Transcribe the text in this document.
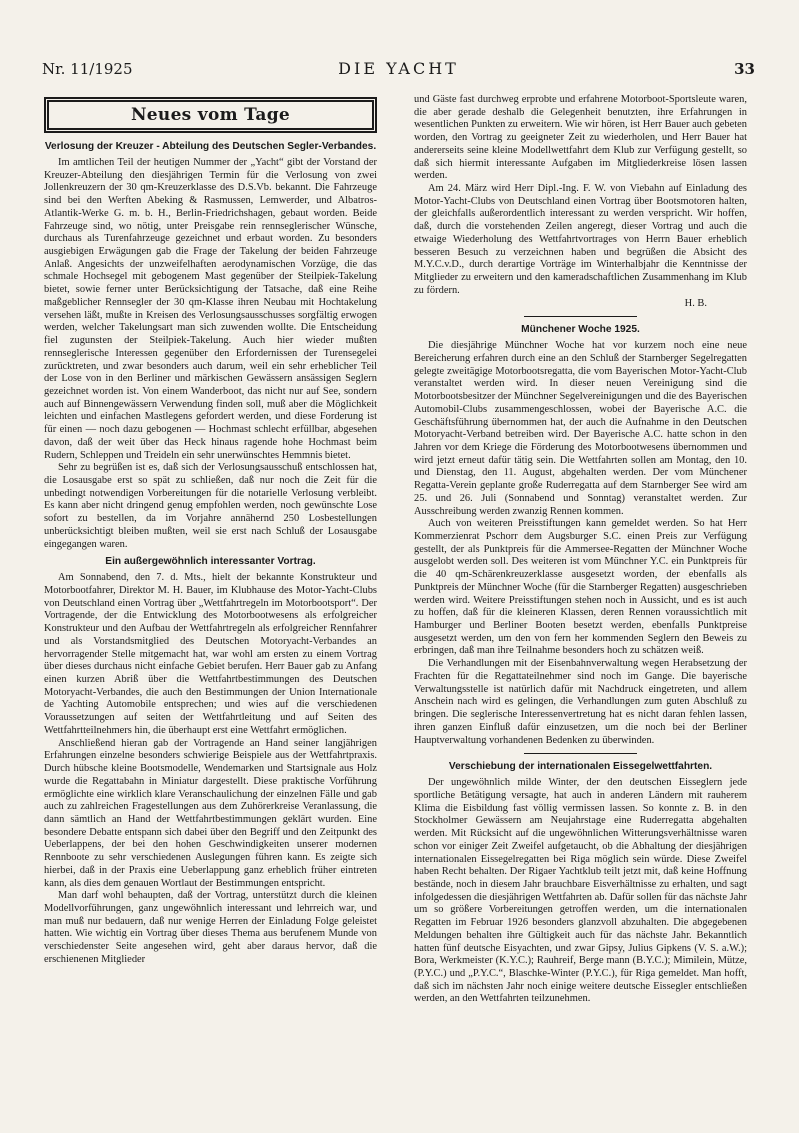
Nr. 11/1925	DIE YACHT	33
Neues vom Tage
Verlosung der Kreuzer - Abteilung des Deutschen Segler-Verbandes.

Im amtlichen Teil der heutigen Nummer der „Yacht“ gibt der Vorstand der Kreuzer-Abteilung den diesjährigen Termin für die Verlosung von zwei Jollenkreuzern der 30 qm-Kreuzerklasse des D.S.Vb. bekannt. Die Fahrzeuge sind bei den Werften Abeking & Rasmussen, Lemwerder, und Albatros-Atlantik-Werke G. m. b. H., Berlin-Friedrichshagen, gebaut worden. Beide Fahrzeuge sind, wo nötig, unter Preisgabe rein rennseglerischer Wünsche, durchaus als Turenfahrzeuge gezeichnet und erbaut worden. Zu besonders ausgiebigen Erwägungen gab die Frage der Takelung der beiden Fahrzeuge Anlaß. Angesichts der unzweifelhaften aerodynamischen Vorzüge, die das schmale Hochsegel mit gebogenem Mast gegenüber der Steilpiek-Takelung bietet, sowie ferner unter Berücksichtigung der Tatsache, daß eine Reihe maßgeblicher Rennsegler der 30 qm-Klasse ihren Neubau mit Hochtakelung versehen läßt, mußte in Kreisen des Verlosungsausschusses sorgfältig erwogen werden, welcher Takelungsart man sich zuwenden wollte. Die Entscheidung fiel zugunsten der Steilpiek-Takelung. Auch hier wieder mußten rennseglerische Interessen gegenüber den Erfordernissen der Turensegelei zurücktreten, und zwar besonders auch darum, weil ein sehr erheblicher Teil der Lose von in den Berliner und märkischen Gewässern ansässigen Seglern gezeichnet worden ist. Von einem Wanderboot, das nicht nur auf See, sondern auch auf Binnengewässern Verwendung finden soll, muß aber die Möglichkeit leichten und einfachen Mastlegens gefordert werden, und diese Forderung ist für einen — noch dazu gebogenen — Hochmast schlecht erfüllbar, abgesehen davon, daß der weit über das Heck hinaus ragende hohe Hochmast beim Rudern, Schleppen und Treideln ein sehr unerwünschtes Hemmnis bietet.

Sehr zu begrüßen ist es, daß sich der Verlosungsausschuß entschlossen hat, die Losausgabe erst so spät zu schließen, daß nur noch die Zeit für die unbedingt notwendigen Vorbereitungen für die notarielle Verlosung verbleibt. Es kann aber nicht dringend genug empfohlen werden, noch gewünschte Lose sofort zu bestellen, da im Vorjahre annähernd 250 Losbestellungen unberücksichtigt bleiben mußten, weil sie erst nach Schluß der Losausgabe eingegangen waren.

Ein außergewöhnlich interessanter Vortrag.

Am Sonnabend, den 7. d. Mts., hielt der bekannte Konstrukteur und Motorbootfahrer, Direktor M. H. Bauer, im Klubhause des Motor-Yacht-Clubs von Deutschland einen Vortrag über „Wettfahrtregeln im Motorbootsport“. Der Vortragende, der die Entwicklung des Motorbootwesens als erfolgreicher Konstrukteur und den Aufbau der Wettfahrtregeln als erfolgreicher Rennfahrer und als Vorstandsmitglied des Deutschen Motoryacht-Verbandes an hervorragender Stelle mitgemacht hat, war wohl am ersten zu einem Vortrag über dieses durchaus nicht einfache Gebiet berufen. Herr Bauer gab zu Anfang einen kurzen Abriß über die Wettfahrtbestimmungen des Deutschen Motoryacht-Verbandes, die auch den Bestimmungen der Union Internationale de Yachting Automobile entsprechen; und wies auf die verschiedenen Voraussetzungen auf seiten der Wettfahrtleitung und auf Seiten des Wettfahrtteilnehmers hin, die überhaupt erst eine Wettfahrt ermöglichen.

Anschließend hieran gab der Vortragende an Hand seiner langjährigen Erfahrungen einzelne besonders schwierige Beispiele aus der Wettfahrtpraxis. Durch hübsche kleine Bootsmodelle, Wendemarken und Startsignale aus Holz wurde die Regattabahn in Miniatur dargestellt. Diese praktische Vorführung ermöglichte eine wirklich klare Veranschaulichung der einzelnen Fälle und gab auch zu zahlreichen Fragestellungen aus dem Zuhörerkreise Veranlassung, die dann sämtlich an Hand der Wettfahrtbestimmungen geklärt wurden. Eine besondere Debatte entspann sich dabei über den Begriff und den Zeitpunkt des Ueberlappens, der bei den hohen Geschwindigkeiten unserer modernen Rennboote zu sehr verschiedenen Auslegungen führen kann. Es zeigte sich hierbei, daß in der Praxis eine Ueberlappung ganz erheblich früher eintreten kann, als dies dem genauen Wortlaut der Bestimmungen entspricht.

Man darf wohl behaupten, daß der Vortrag, unterstützt durch die kleinen Modellvorführungen, ganz ungewöhnlich interessant und lehrreich war, und man muß nur bedauern, daß nur wenige Herren der Einladung Folge geleistet hatten. Wie wichtig ein Vortrag über dieses Thema aus berufenem Munde von verschiedenster Seite angesehen wird, geht aber daraus hervor, daß die erschienenen Mitglieder

und Gäste fast durchweg erprobte und erfahrene Motorboot-Sportsleute waren, die aber gerade deshalb die Gelegenheit benutzten, ihre Erfahrungen in wesentlichen Punkten zu erweitern. Wie wir hören, ist Herr Bauer auch gebeten worden, den Vortrag zu geeigneter Zeit zu wiederholen, und Herr Bauer hat andererseits seine kleine Modellwettfahrt dem Klub zur Verfügung gestellt, so daß sich hiermit interessante Aufgaben im Mitgliederkreise lösen lassen werden.

Am 24. März wird Herr Dipl.-Ing. F. W. von Viebahn auf Einladung des Motor-Yacht-Clubs von Deutschland einen Vortrag über Bootsmotoren halten, der gleichfalls außerordentlich interessant zu werden verspricht. Wir hoffen, daß, durch die vorstehenden Zeilen angeregt, dieser Vortrag und auch die etwaige Wiederholung des Wettfahrtvortrages von Herrn Bauer erheblich besseren Besuch zu verzeichnen haben und begrüßen die Absicht des M.Y.C.v.D., durch derartige Vorträge im Winterhalbjahr die Kenntnisse der Mitglieder zu erweitern und den kameradschaftlichen Zusammenhang im Klub zu fördern.

H. B.

Münchener Woche 1925.

Die diesjährige Münchner Woche hat vor kurzem noch eine neue Bereicherung erfahren durch eine an den Schluß der Starnberger Segelregatten gelegte zweitägige Motorbootsregatta, die vom Bayerischen Motor-Yacht-Club veranstaltet werden wird. In dieser neuen Vereinigung sind die Motorbootsbesitzer der Münchner Segelvereinigungen und die des Bayerischen Automobil-Clubs zusammengeschlossen, wobei der Bayerische A.C. die Geschäftsführung übernommen hat, der auch die Aufnahme in den Deutschen Motoryacht-Verband betreiben wird. Der Bayerische A.C. hatte schon in den Jahren vor dem Kriege die Förderung des Motorbootwesens übernommen und wird jetzt erneut dafür tätig sein. Die Wettfahrten sollen am Montag, den 10. und Dienstag, den 11. August, abgehalten werden. Der vom Münchener Regatta-Verein geplante große Ruderregatta auf dem Starnberger See wird am 25. und 26. Juli (Sonnabend und Sonntag) veranstaltet werden. Zur Ausschreibung werden zwanzig Rennen kommen.

Auch von weiteren Preisstiftungen kann gemeldet werden. So hat Herr Kommerzienrat Pschorr dem Augsburger S.C. einen Preis zur Verfügung gestellt, der als Punktpreis für die Ammersee-Regatten der Münchner Woche ausgelobt werden soll. Des weiteren ist vom Münchner Y.C. ein Punktpreis für die 40 qm-Schärenkreuzerklasse ausgesetzt worden, der ebenfalls als Punktpreis der Münchner Woche (für die Starnberger Regatten) ausgeschrieben werden wird. Weitere Preisstiftungen stehen noch in Aussicht, und es ist auch zu hoffen, daß für die kleineren Klassen, deren Rennen voraussichtlich mit Hamburger und Berliner Booten besetzt werden, ebenfalls Punktpreise ausgesetzt werden, um den von fern her kommenden Seglern den Beweis zu erbringen, daß man ihre Teilnahme besonders hoch zu schätzen weiß.

Die Verhandlungen mit der Eisenbahnverwaltung wegen Herabsetzung der Frachten für die Regattateilnehmer sind noch im Gange. Die bayerische Verwaltungsstelle ist natürlich dafür mit Nachdruck eingetreten, und allem Anschein nach wird es gelingen, die Verhandlungen zum guten Abschluß zu bringen. Die seglerische Interessenvertretung hat es nicht daran fehlen lassen, ihren ganzen Einfluß dafür einzusetzen, um die noch bei der Berliner Hauptverwaltung vorhandenen Bedenken zu überwinden.

Verschiebung der internationalen Eissegelwettfahrten.

Der ungewöhnlich milde Winter, der den deutschen Eisseglern jede sportliche Betätigung versagte, hat auch in anderen Ländern mit rauherem Klima die Eisbildung fast völlig vermissen lassen. So konnte z. B. in den Stockholmer Gewässern am Neujahrstage eine Ruderregatta abgehalten werden. Mit Rücksicht auf die ungewöhnlichen Witterungsverhältnisse waren schon vor einiger Zeit Zweifel aufgetaucht, ob die Abhaltung der diesjährigen internationalen Eissegelregatten bei Riga möglich sein würde. Diese Zweifel haben Recht behalten. Der Rigaer Yachtklub teilt jetzt mit, daß keine Hoffnung bestände, noch in diesem Jahr brauchbare Eisverhältnisse zu erhalten, und sagt infolgedessen die diesjährigen Wettfahrten ab. Dafür sollen für das nächste Jahr um so größere Vorbereitungen getroffen werden, um die internationalen Regatten im Februar 1926 besonders glanzvoll abzuhalten. Die abgegebenen Meldungen behalten ihre Gültigkeit auch für das nächste Jahr. Bekanntlich hatten fünf deutsche Eisyachten, und zwar Gipsy, Julius Gipkens (V. S. a.W.); Bora, Werkmeister (K.Y.C.); Rauhreif, Berge mann (B.Y.C.); Mimilein, Mütze, (P.Y.C.) und „P.Y.C.“, Blaschke-Winter (P.Y.C.), für Riga gemeldet. Man hofft, daß sich im nächsten Jahr noch einige weitere deutsche Eissegler entschließen werden, an den Wettfahrten teilzunehmen.
